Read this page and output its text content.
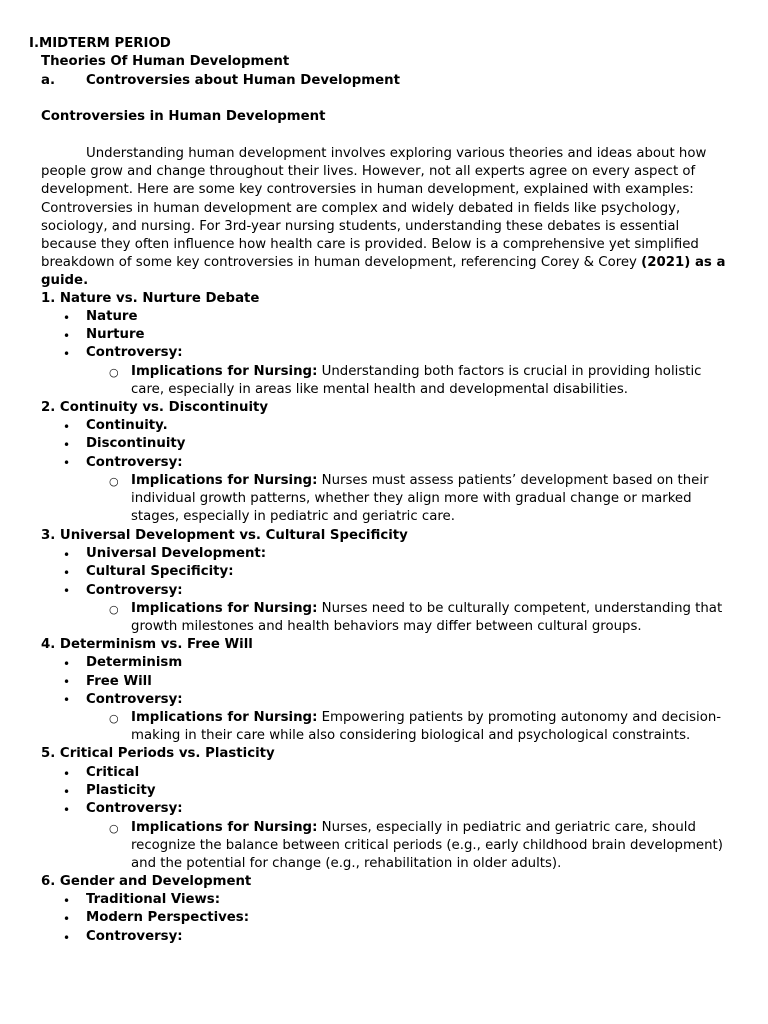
I.MIDTERM PERIOD
Theories Of Human Development
a. Controversies about Human Development
Controversies in Human Development
Understanding human development involves exploring various theories and ideas about how people grow and change throughout their lives. However, not all experts agree on every aspect of development. Here are some key controversies in human development, explained with examples: Controversies in human development are complex and widely debated in fields like psychology, sociology, and nursing. For 3rd-year nursing students, understanding these debates is essential because they often influence how health care is provided. Below is a comprehensive yet simplified breakdown of some key controversies in human development, referencing Corey & Corey (2021) as a guide.
1. Nature vs. Nurture Debate
• Nature
• Nurture
• Controversy:
○ Implications for Nursing: Understanding both factors is crucial in providing holistic care, especially in areas like mental health and developmental disabilities.
2. Continuity vs. Discontinuity
• Continuity.
• Discontinuity
• Controversy:
○ Implications for Nursing: Nurses must assess patients’ development based on their individual growth patterns, whether they align more with gradual change or marked stages, especially in pediatric and geriatric care.
3. Universal Development vs. Cultural Specificity
• Universal Development:
• Cultural Specificity:
• Controversy:
○ Implications for Nursing: Nurses need to be culturally competent, understanding that growth milestones and health behaviors may differ between cultural groups.
4. Determinism vs. Free Will
• Determinism
• Free Will
• Controversy:
○ Implications for Nursing: Empowering patients by promoting autonomy and decision-making in their care while also considering biological and psychological constraints.
5. Critical Periods vs. Plasticity
• Critical
• Plasticity
• Controversy:
○ Implications for Nursing: Nurses, especially in pediatric and geriatric care, should recognize the balance between critical periods (e.g., early childhood brain development) and the potential for change (e.g., rehabilitation in older adults).
6. Gender and Development
• Traditional Views:
• Modern Perspectives:
• Controversy:
